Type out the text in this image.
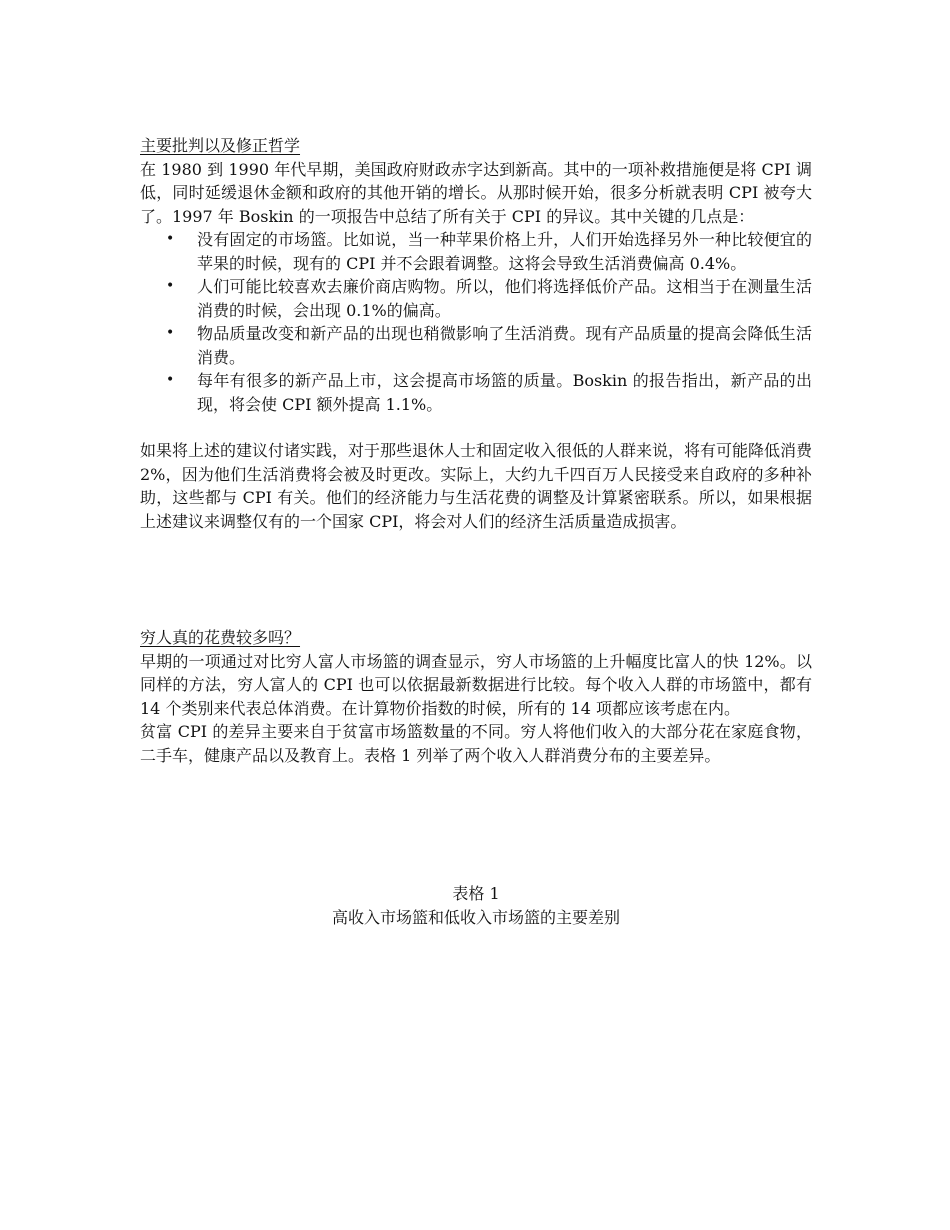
主要批判以及修正哲学

在 1980 到 1990 年代早期，美国政府财政赤字达到新高。其中的一项补救措施便是将 CPI 调低，同时延缓退休金额和政府的其他开销的增长。从那时候开始，很多分析就表明 CPI 被夸大了。1997 年 Boskin 的一项报告中总结了所有关于 CPI 的异议。其中关键的几点是：

• 没有固定的市场篮。比如说，当一种苹果价格上升，人们开始选择另外一种比较便宜的苹果的时候，现有的 CPI 并不会跟着调整。这将会导致生活消费偏高 0.4%。
• 人们可能比较喜欢去廉价商店购物。所以，他们将选择低价产品。这相当于在测量生活消费的时候，会出现 0.1%的偏高。
• 物品质量改变和新产品的出现也稍微影响了生活消费。现有产品质量的提高会降低生活消费。
• 每年有很多的新产品上市，这会提高市场篮的质量。Boskin 的报告指出，新产品的出现，将会使 CPI 额外提高 1.1%。

如果将上述的建议付诸实践，对于那些退休人士和固定收入很低的人群来说，将有可能降低消费 2%，因为他们生活消费将会被及时更改。实际上，大约九千四百万人民接受来自政府的多种补助，这些都与 CPI 有关。他们的经济能力与生活花费的调整及计算紧密联系。所以，如果根据上述建议来调整仅有的一个国家 CPI，将会对人们的经济生活质量造成损害。

穷人真的花费较多吗？

早期的一项通过对比穷人富人市场篮的调查显示，穷人市场篮的上升幅度比富人的快 12%。以同样的方法，穷人富人的 CPI 也可以依据最新数据进行比较。每个收入人群的市场篮中，都有 14 个类别来代表总体消费。在计算物价指数的时候，所有的 14 项都应该考虑在内。

贫富 CPI 的差异主要来自于贫富市场篮数量的不同。穷人将他们收入的大部分花在家庭食物，二手车，健康产品以及教育上。表格 1 列举了两个收入人群消费分布的主要差异。

表格 1

高收入市场篮和低收入市场篮的主要差别
